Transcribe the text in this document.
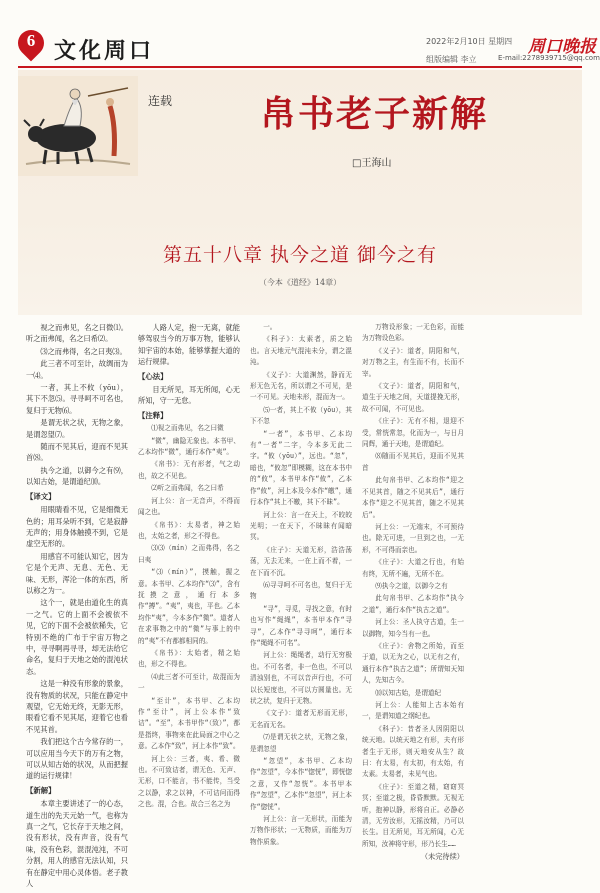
6 文化周口	2022年2月10日 星期四
组版编辑 李立
周口晚报
E-mail:2278939715@qq.com
连载 帛书老子新解
□王海山
第五十八章 执今之道 御今之有
（今本《道经》14章）

视之而弗见，名之曰微⑴。听之而弗闻，名之曰希⑵。

⑶之而弗得，名之曰夷⑶。

此三者不可至计，故绸而为一⑷。

一者，其上不攸（yōu），其下不忽⑸。寻寻呵不可名也，复归于无物⑹。

是谓无状之状，无物之象，是谓忽望⑺。

随而不见其后，迎而不见其首⑻。

执今之道，以御今之有⑼，以知古始，是谓道纪⑽。

【译文】

用眼睛看不见，它是细微无色的；用耳朵听不到，它是寂静无声的；用身体触摸不到，它是虚空无形的。

用感官不可能认知它，因为它是个无声、无息、无色、无味、无形，浑沦一体的东西，所以称之为一。

这个一，就是由道化生的真一之气。它的上面不会被依不见，它的下面不会被依稀失，它特别不绝的广布于宇宙万物之中，寻寻啊再寻寻，却无法给它命名，复归于天地之始的混沌状态。

这是一种没有形象的景象，没有物质的状况，只能在静定中观望，它无始无终，无影无形，眼看它看不见其尾，迎着它也看不见其首。

我们把这个古今常存的一，可以应用当今天下的万有之物，可以从知古始的状况，从而把握道的运行规律！

【新解】

本章主要讲述了一的心态，道生出的先天元始一气，也称为真一之气，它长存于天地之间，没有形状，没有声音，没有气味，没有色彩，混混沌沌，不可分割，用人的感官无法认知，只有在静定中用心灵体悟。老子教人

人路人定，抱一无离，就能够驾驭当今的万事万物，能够认知宇宙的本始，能够掌握大道的运行规律。

【心法】

目无所见，耳无所闻，心无所知，守一无怠。

【注释】

⑴视之而弗见，名之曰微

“微”，幽隐无象也。本书甲、乙本均作“微”，通行本作“夷”。

《帛书》：无有形者，气之动也，故之不见也。

⑵听之而弗闻，名之曰希

河上公：言一无音声，不得而闻之也。

《帛书》：太易者，神之始也，太始之者，形之不得也。

⑶⑶（mín）之而弗得，名之曰夷

“⑶（mín）”，摸触，握之意。本书甲、乙本均作“⑶”，含有抚摸之意，通行本多作“搏”。“夷”，夷也，平也。乙本均作“夷”，今本多作“微”。道者人在求事物之中的“微”与事上的中的“夷”不有都都相同的。

《帛书》：太始者，精之始也，形之不得也。

⑷此三者不可至计，故混而为一

“至计”，本书甲、乙本均作“至计”，河上公本作“致诘”。“至”，本书甲作“（致）”，都是指终，事物来在此局面之中心之意。乙本作“致”，河上本作“致”。

河上公：三者，夷、希、微也。不可致诘者，谓无色、无声、无形，口不能言，书不能传，当受之以静，求之以神，不可诘问而得之也。混，合也。故合三名之为

一。

《科子》：太素者，质之始也。言天地元气混沌未分，谓之混沌。

《义子》：大道渊然，静而无形无色无名，所以谓之不可见，是一不可见。天地未形，混而为一。

⑸一者，其上不攸（yōu），其下不忽

“一者”，本书甲、乙本均有“一者”二字，今本多无此二字。“攸（yōu）”，远也。“忽”，暗也，“攸忽”即模糊，这在本书中的“攸”，本书甲本作“攸”，乙本作“攸”，河上本及今本作“皦”，通行本作“其上不皦，其下不昧”。

河上公：言一在天上，不皎皎光明；一在天下，不昧昧有闻暗冥。

《庄子》：天道无形，浩浩荡荡，无去无来，一在上而不着，一在下而不沉。

⑹寻寻呵不可名也，复归于无物

“寻”，寻觅，寻找之意，有时也写作“绳绳”，本书甲本作“寻寻”，乙本作“寻寻呵”，通行本作“绳绳不可名”。

河上公：绳绳者，动行无穷极也。不可名者，非一色也，不可以清浊别也，不可以音声行也，不可以长短度也，不可以方圆量也。无状之状，复归于无物。

《文子》：道者无形而无形，无名而无名。

⑺是谓无状之状，无物之象，是谓忽望

“忽望”，本书甲、乙本均作“忽望”，今本作“惚恍”，即恍惚之意，又作“忽恍”。本书甲本作“忽望”，乙本作“忽望”，河上本作“惚恍”。

河上公：言一无形状，而能为万物作形状；一无物质，而能为万物作质象。

万物设形象；一无色彩，而能为万物设色彩。

《义子》：道者，阴阳和气，对万物之主，有生而不有，长而不宰。

《文子》：道者，阴阳和气，道生于天地之间，天道提挽无形，故不可闻，不可见也。

《庄子》：无有不相，退迎不受，常恍常忽，化而为一，与日月同辉，通于天地，是谓道纪。

⑻随而不见其后，迎而不见其首

此句帛书甲、乙本均作“迎之不见其首，随之不见其后”，通行本作“迎之不见其首，随之不见其后”。

河上公：一无端末，不可预待也。除无可进，一旦到之也，一无形，不可得而亲也。

《庄子》：大道之行也，有始有终，无所不遍，无所不在。

⑼执今之道，以御今之有

此句帛书甲、乙本均作“执今之道”，通行本作“执古之道”。

河上公：圣人执守古道，生一以御物，知今当有一也。

《庄子》：舍物之所始，而至于道，以无为之心，以无有之有，通行本作“执古之道”；所谓知天知人，先知古今。

⑽以知古始，是谓道纪

河上公：人能知上古本始有一，是谓知道之纲纪也。

《科子》：昔者圣人因阴阳以统天地。以统天地之有形，夫有形者生于无形，则天地安从生？故曰：有太易，有太初，有太始，有太素。太易者，未见气也。

《庄子》：至道之精，窈窈冥冥；至道之极，昏昏默默。无视无听，抱神以静，形将自正。必静必清，无劳汝形，无摇汝精，乃可以长生。目无所见，耳无所闻，心无所知，汝神将守形，形乃长生……

（未完待续）
